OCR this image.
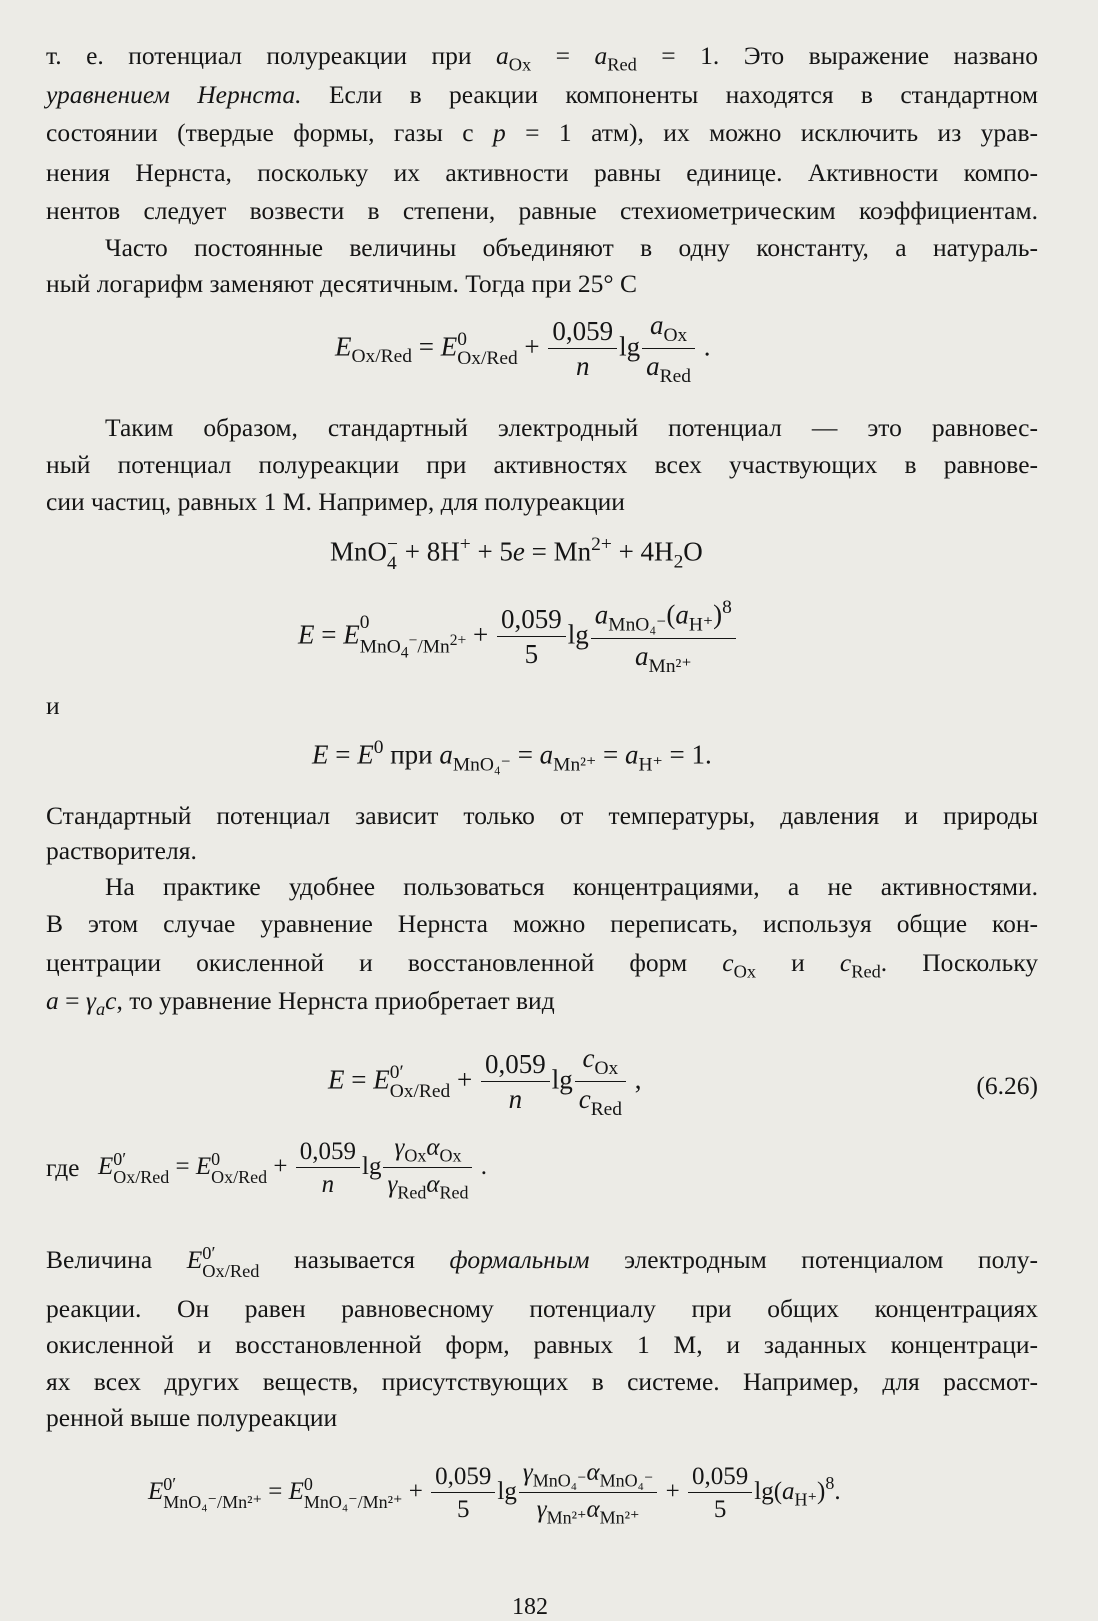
т. е. потенциал полуреакции при $a_{Ox} = a_{Red} = 1$. Это выражение названо
уравнением Нернста. Если в реакции компоненты находятся в стандартном
состоянии (твердые формы, газы с p = 1 атм), их можно исключить из урав-
нения Нернста, поскольку их активности равны единице. Активности компо-
нентов следует возвести в степени, равные стехиометрическим коэффициентам.
Часто постоянные величины объединяют в одну константу, а натураль-
ный логарифм заменяют десятичным. Тогда при 25° С
$E_{Ox/Red} = E$ 0
$Ox/Red + \frac{0,059}{n}$ $\lg \frac{a_{Ox}}{a_{Red}}$ .
Таким образом, стандартный электродный потенциал — это равновес-
ный потенциал полуреакции при активностях всех участвующих в равнове-
сии частиц, равных 1 М. Например, для полуреакции
MnO −
$4 + 8H^+ + 5e = Mn^{2+} + 4H_2O$
E = E 0
$MnO_4^-/Mn^{2+} + \frac{0,059}{5}$ $\lg \frac{a_{MnO_4^-}(a_{H^+})^8}{a_{Mn^{2+}}}$
и
$E = E^0$ при $a_{MnO_4^-} = a_{Mn^{2+}} = a_{H^+} = 1$.
Стандартный потенциал зависит только от температуры, давления и природы
растворителя.
На практике удобнее пользоваться концентрациями, а не активностями.
В этом случае уравнение Нернста можно переписать, используя общие кон-
центрации окисленной и восстановленной форм $c_{Ox}$ и $c_{Red}$. Поскольку
$a = \gamma_ac$, то уравнение Нернста приобретает вид
E = E 0′
$Ox/Red + \frac{0,059}{n}$ $\lg \frac{c_{Ox}}{c_{Red}}$ ,	(6.26)
где E 0′
Ox/Red = E 0
$Ox/Red + \frac{0,059}{n}$ $\lg \frac{\gamma_{Ox}\alpha_{Ox}}{\gamma_{Red}\alpha_{Red}}$ .
Величина E 0′
Ox/Red называется формальным электродным потенциалом полу-
реакции. Он равен равновесному потенциалу при общих концентрациях
окисленной и восстановленной форм, равных 1 М, и заданных концентраци-
ях всех других веществ, присутствующих в системе. Например, для рассмот-
ренной выше полуреакции
E 0′
MnO₄⁻/Mn²⁺ = E 0
$MnO_4^-/Mn^{2+} + \frac{0,059}{5}$ $\lg \frac{\gamma_{MnO_4^-}\alpha_{MnO_4^-}}{\gamma_{Mn^{2+}}\alpha_{Mn^{2+}}} + \frac{0,059}{5} \lg(a_{H^+})^8$.
182
